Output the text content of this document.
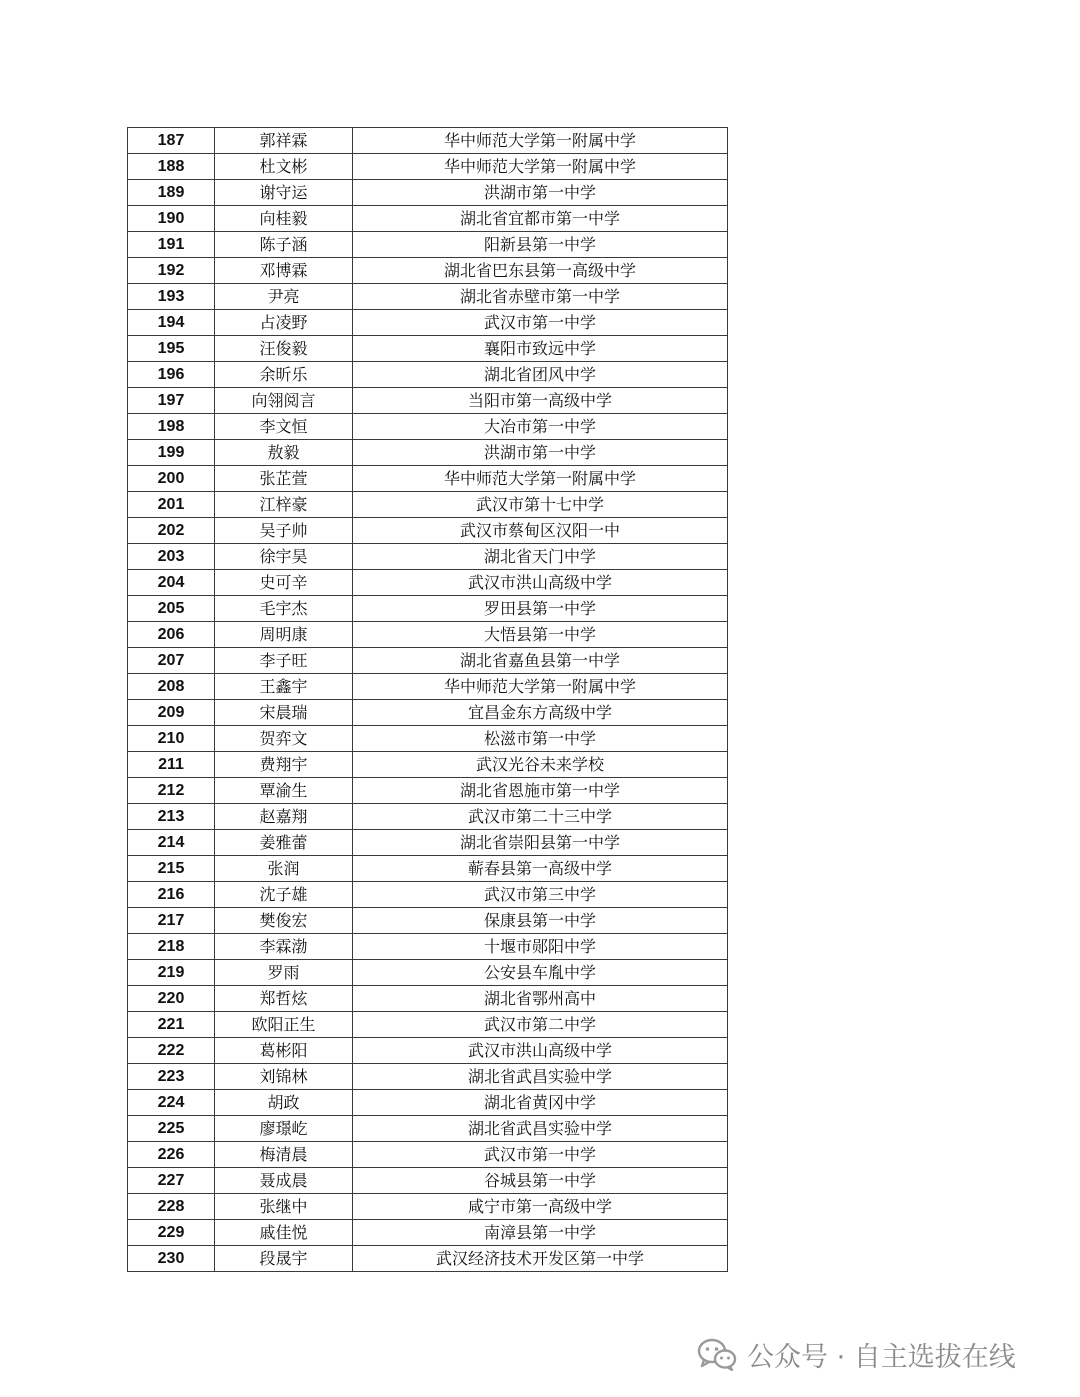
187	郭祥霖	华中师范大学第一附属中学
188	杜文彬	华中师范大学第一附属中学
189	谢守运	洪湖市第一中学
190	向桂毅	湖北省宜都市第一中学
191	陈子涵	阳新县第一中学
192	邓博霖	湖北省巴东县第一高级中学
193	尹亮	湖北省赤壁市第一中学
194	占凌野	武汉市第一中学
195	汪俊毅	襄阳市致远中学
196	余昕乐	湖北省团风中学
197	向翎阅言	当阳市第一高级中学
198	李文恒	大冶市第一中学
199	敖毅	洪湖市第一中学
200	张芷萱	华中师范大学第一附属中学
201	江梓豪	武汉市第十七中学
202	吴子帅	武汉市蔡甸区汉阳一中
203	徐宇昊	湖北省天门中学
204	史可辛	武汉市洪山高级中学
205	毛宇杰	罗田县第一中学
206	周明康	大悟县第一中学
207	李子旺	湖北省嘉鱼县第一中学
208	王鑫宇	华中师范大学第一附属中学
209	宋晨瑞	宜昌金东方高级中学
210	贺弈文	松滋市第一中学
211	费翔宇	武汉光谷未来学校
212	覃渝生	湖北省恩施市第一中学
213	赵嘉翔	武汉市第二十三中学
214	姜雅蕾	湖北省崇阳县第一中学
215	张润	蕲春县第一高级中学
216	沈子雄	武汉市第三中学
217	樊俊宏	保康县第一中学
218	李霖渤	十堰市郧阳中学
219	罗雨	公安县车胤中学
220	郑哲炫	湖北省鄂州高中
221	欧阳正生	武汉市第二中学
222	葛彬阳	武汉市洪山高级中学
223	刘锦林	湖北省武昌实验中学
224	胡政	湖北省黄冈中学
225	廖璟屹	湖北省武昌实验中学
226	梅清晨	武汉市第一中学
227	聂成晨	谷城县第一中学
228	张继中	咸宁市第一高级中学
229	戚佳悦	南漳县第一中学
230	段晟宇	武汉经济技术开发区第一中学
公众号 · 自主选拔在线
